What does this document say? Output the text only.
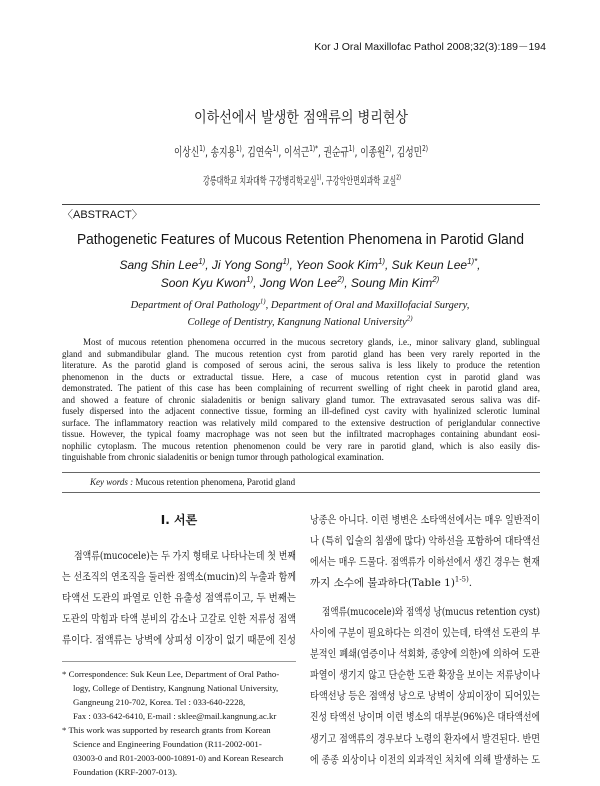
Kor J Oral Maxillofac Pathol 2008;32(3):189－194
이하선에서 발생한 점액류의 병리현상
이상신$^{1)}$, 송지용$^{1)}$, 김연숙$^{1)}$, 이석근$^{1)*}$, 권순규$^{1)}$, 이종원$^{2)}$, 김성민$^{2)}$
강릉대학교 치과대학 구강병리학교실$^{1)}$, 구강악안면외과학 교실$^{2)}$
〈ABSTRACT〉
Pathogenetic Features of Mucous Retention Phenomena in Parotid Gland
Sang Shin Lee$^{1)}$, Ji Yong Song$^{1)}$, Yeon Sook Kim$^{1)}$, Suk Keun Lee$^{1)*}$,
Soon Kyu Kwon$^{1)}$, Jong Won Lee$^{2)}$, Soung Min Kim$^{2)}$
Department of Oral Pathology$^{1)}$, Department of Oral and Maxillofacial Surgery,
College of Dentistry, Kangnung National University$^{2)}$
Most of mucous retention phenomena occurred in the mucous secretory glands, i.e., minor salivary gland, sublingual
gland and submandibular gland. The mucous retention cyst from parotid gland has been very rarely reported in the
literature. As the parotid gland is composed of serous acini, the serous saliva is less likely to produce the retention
phenomenon in the ducts or extraductal tissue. Here, a case of mucous retention cyst in parotid gland was
demonstrated. The patient of this case has been complaining of recurrent swelling of right cheek in parotid gland area,
and showed a feature of chronic sialadenitis or benign salivary gland tumor. The extravasated serous saliva was dif-
fusely dispersed into the adjacent connective tissue, forming an ill-defined cyst cavity with hyalinized sclerotic luminal
surface. The inflammatory reaction was relatively mild compared to the extensive destruction of periglandular connective
tissue. However, the typical foamy macrophage was not seen but the infiltrated macrophages containing abundant eosi-
nophilic cytoplasm. The mucous retention phenomenon could be very rare in parotid gland, which is also easily dis-
tinguishable from chronic sialadenitis or benign tumor through pathological examination.
Key words : Mucous retention phenomena, Parotid gland
I. 서론
점액류(mucocele)는 두 가지 형태로 나타나는데 첫 번째
는 선조직의 연조직을 둘러싼 점액소(mucin)의 누출과 함께
타액선 도관의 파열로 인한 유출성 점액류이고, 두 번째는
도관의 막힘과 타액 분비의 감소나 고갈로 인한 저류성 점액
류이다. 점액류는 낭벽에 상피성 이장이 없기 때문에 진성
* Correspondence: Suk Keun Lee, Department of Oral Patho-
logy, College of Dentistry, Kangnung National University,
Gangneung 210-702, Korea. Tel : 033-640-2228,
Fax : 033-642-6410, E-mail : sklee@mail.kangnung.ac.kr
* This work was supported by research grants from Korean
Science and Engineering Foundation (R11-2002-001-
03003-0 and R01-2003-000-10891-0) and Korean Research
Foundation (KRF-2007-013).
낭종은 아니다. 이런 병변은 소타액선에서는 매우 일반적이
나 (특히 입술의 침샘에 많다) 악하선을 포함하여 대타액선
에서는 매우 드물다. 점액류가 이하선에서 생긴 경우는 현재
까지 소수에 불과하다(Table 1)$^{1-5)}$.
점액류(mucocele)와 점액성 낭(mucus retention cyst)
사이에 구분이 필요하다는 의견이 있는데, 타액선 도관의 부
분적인 폐쇄(염증이나 석회화, 종양에 의한)에 의하여 도관
파열이 생기지 않고 단순한 도관 확장을 보이는 저류낭이나
타액선낭 등은 점액성 낭으로 낭벽이 상피이장이 되어있는
진성 타액선 낭이며 이런 병소의 대부분(96%)은 대타액선에
생기고 점액류의 경우보다 노령의 환자에서 발견된다. 반면
에 종종 외상이나 이전의 외과적인 처치에 의해 발생하는 도
